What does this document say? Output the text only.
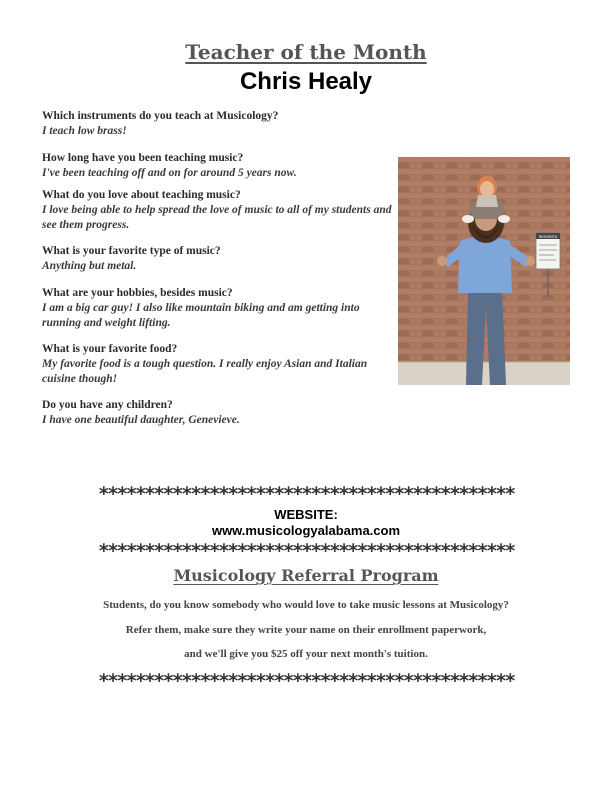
Teacher of the Month
Chris Healy
Which instruments do you teach at Musicology?
I teach low brass!
How long have you been teaching music?
I've been teaching off and on for around 5 years now.
What do you love about teaching music?
I love being able to help spread the love of music to all of my students and see them progress.
What is your favorite type of music?
Anything but metal.
What are your hobbies, besides music?
I am a big car guy! I also like mountain biking and am getting into running and weight lifting.
What is your favorite food?
My favorite food is a tough question. I really enjoy Asian and Italian cuisine though!
Do you have any children?
I have one beautiful daughter, Genevieve.
RESERVED
*********************************************
WEBSITE:
www.musicologyalabama.com
*********************************************
Musicology Referral Program
Students, do you know somebody who would love to take music lessons at Musicology?
Refer them, make sure they write your name on their enrollment paperwork,
and we'll give you $25 off your next month's tuition.
*********************************************
